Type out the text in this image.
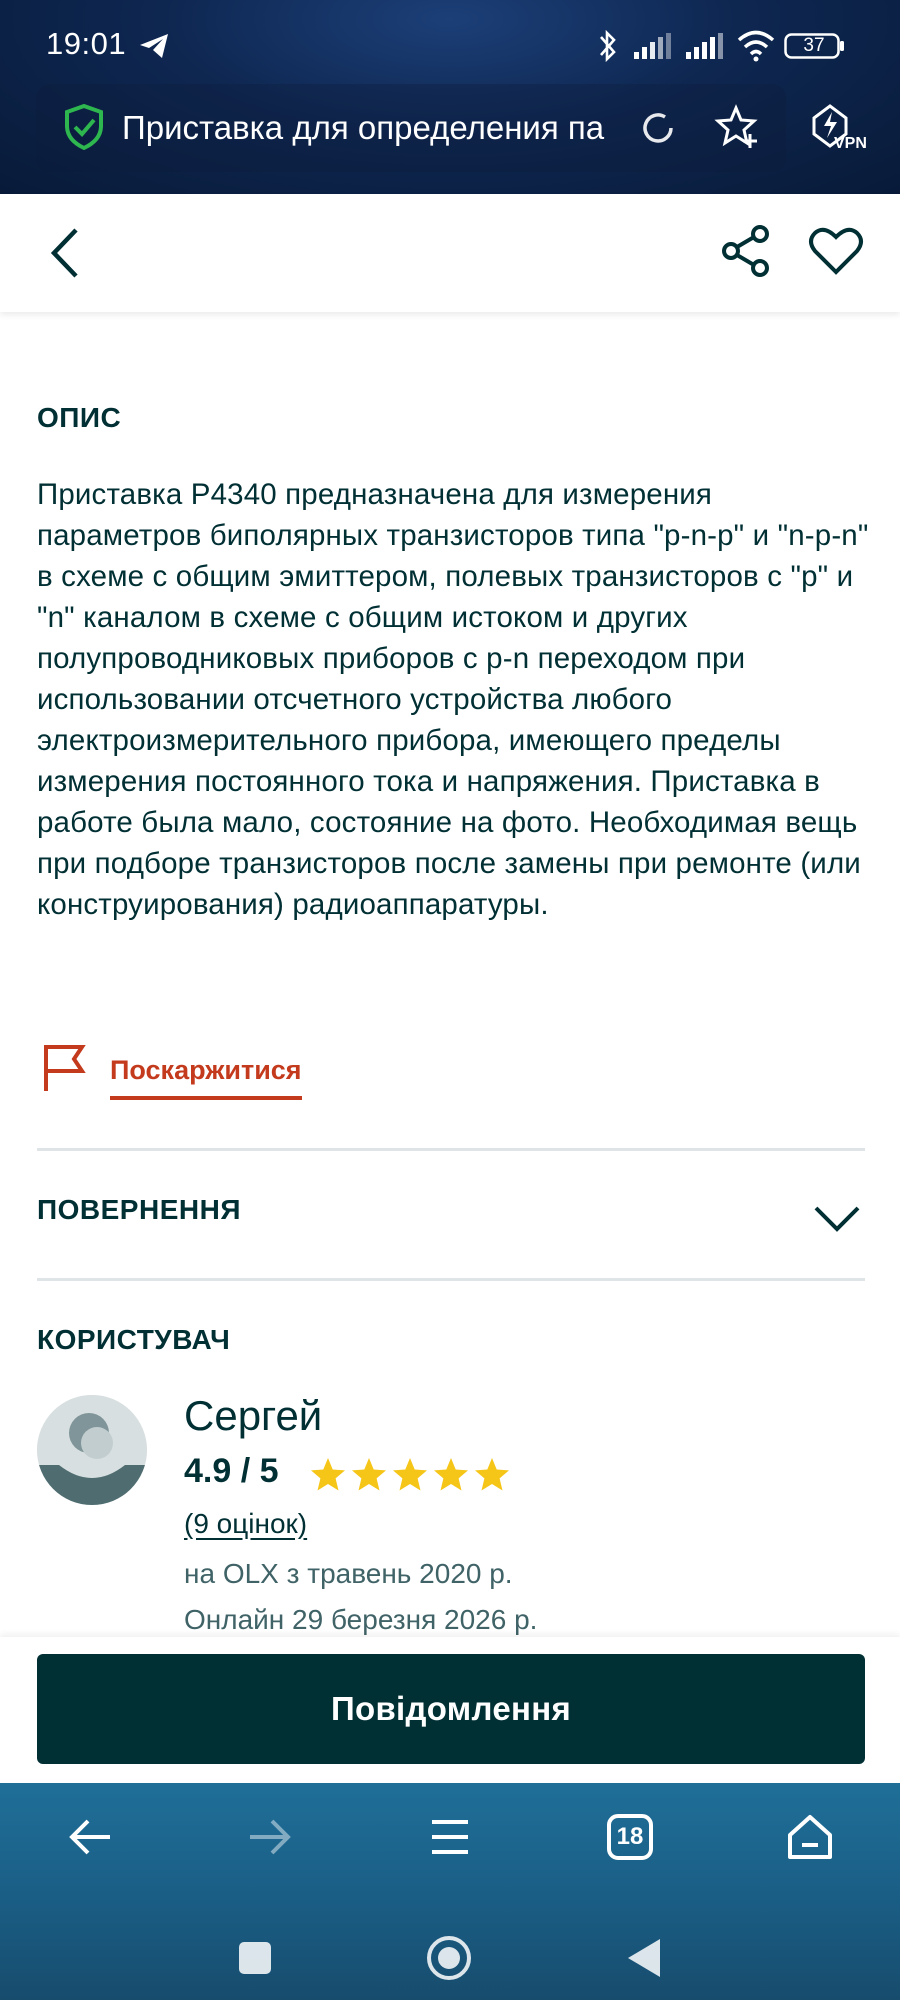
19:01	37
Приставка для определения па	VPN
ОПИС
Приставка Р4340 предназначена для измерения параметров биполярных транзисторов типа "р-n-р" и "n-p-n" в схеме с общим эмиттером, полевых транзисторов с "р" и "n" каналом в схеме с общим истоком и других полупроводниковых приборов с p-n переходом при использовании отсчетного устройства любого электроизмерительного прибора, имеющего пределы измерения постоянного тока и напряжения. Приставка в работе была мало, состояние на фото. Необходимая вещь при подборе транзисторов после замены при ремонте (или конструирования) радиоаппаратуры.
Поскаржитися
ПОВЕРНЕННЯ
КОРИСТУВАЧ
Сергей
4.9 / 5
(9 оцінок)
на OLX з травень 2020 р.
Онлайн 29 березня 2026 р.
Повідомлення
18
